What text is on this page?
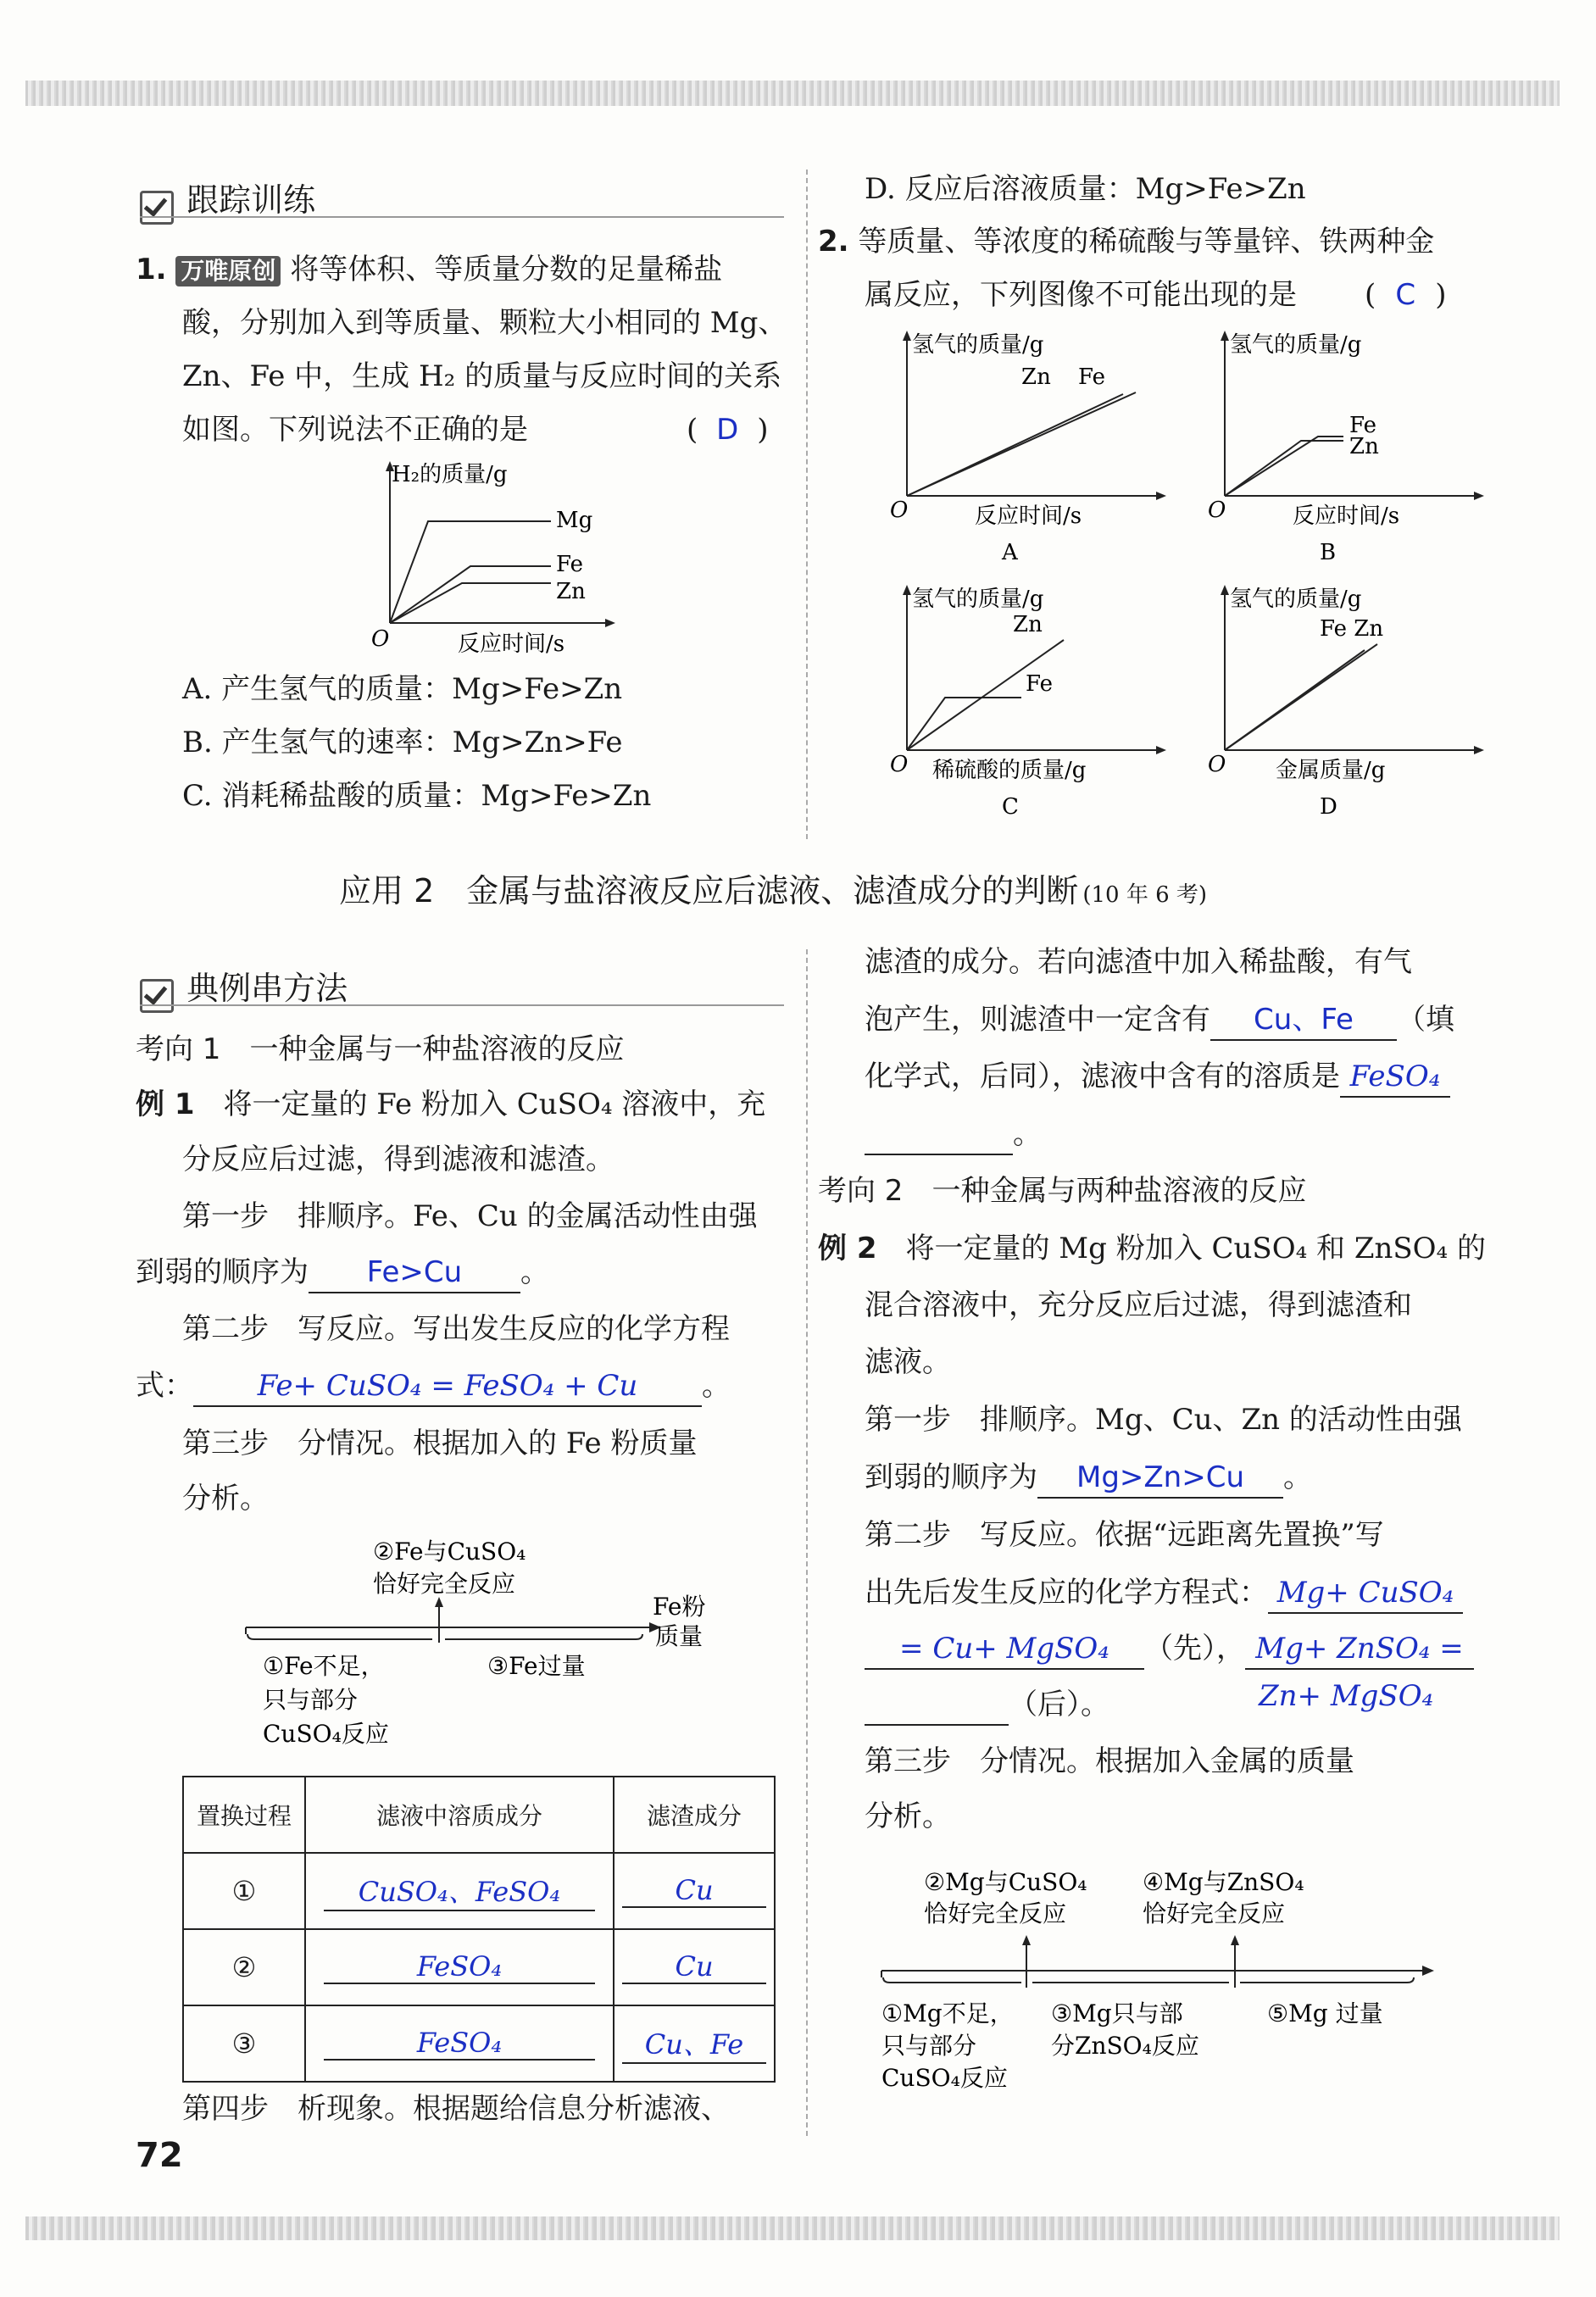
跟踪训练
1. 万唯原创 将等体积、等质量分数的足量稀盐
酸，分别加入到等质量、颗粒大小相同的 Mg、
Zn、Fe 中，生成 H₂ 的质量与反应时间的关系
如图。下列说法不正确的是	( D )
H₂的质量/g
Mg
Fe
Zn
O	反应时间/s
A. 产生氢气的质量：Mg>Fe>Zn
B. 产生氢气的速率：Mg>Zn>Fe
C. 消耗稀盐酸的质量：Mg>Fe>Zn
D. 反应后溶液质量：Mg>Fe>Zn
2. 等质量、等浓度的稀硫酸与等量锌、铁两种金
属反应，下列图像不可能出现的是 ( C )
氢气的质量/g
Zn Fe
O	反应时间/s
A
氢气的质量/g
Fe
Zn
O	反应时间/s
B
氢气的质量/g
Zn
Fe
O 稀硫酸的质量/g
C
氢气的质量/g
Fe Zn
O 金属质量/g
D
应用 2　金属与盐溶液反应后滤液、滤渣成分的判断 (10 年 6 考)
典例串方法
考向 1　一种金属与一种盐溶液的反应
例 1　 将一定量的 Fe 粉加入 CuSO₄ 溶液中，充
分反应后过滤，得到滤液和滤渣。
第一步　排顺序。Fe、Cu 的金属活动性由强
到弱的顺序为 Fe>Cu 。
第二步　写反应。写出发生反应的化学方程
式： Fe+ CuSO₄ = FeSO₄ + Cu 。
第三步　分情况。根据加入的 Fe 粉质量
分析。
②Fe与CuSO₄
恰好完全反应
Fe粉
质量
①Fe不足，
只与部分
CuSO₄反应
③Fe过量
置换过程	滤液中溶质成分	滤渣成分
①	CuSO₄、FeSO₄	Cu
②	FeSO₄	Cu
③	FeSO₄	Cu、Fe
第四步　析现象。根据题给信息分析滤液、
72
滤渣的成分。若向滤渣中加入稀盐酸，有气
泡产生，则滤渣中一定含有 Cu、Fe （填
化学式，后同），滤液中含有的溶质是 FeSO₄
。
考向 2　一种金属与两种盐溶液的反应
例 2　 将一定量的 Mg 粉加入 CuSO₄ 和 ZnSO₄ 的
混合溶液中，充分反应后过滤，得到滤渣和
滤液。
第一步　排顺序。Mg、Cu、Zn 的活动性由强
到弱的顺序为 Mg>Zn>Cu 。
第二步　写反应。依据“远距离先置换”写
出先后发生反应的化学方程式： Mg+ CuSO₄
= Cu+ MgSO₄ （先）， Mg+ ZnSO₄ =
（后）。	Zn+ MgSO₄
第三步　分情况。根据加入金属的质量
分析。
②Mg与CuSO₄
恰好完全反应
④Mg与ZnSO₄
恰好完全反应
①Mg不足，
只与部分
CuSO₄反应
③Mg只与部
分ZnSO₄反应
⑤Mg 过量
